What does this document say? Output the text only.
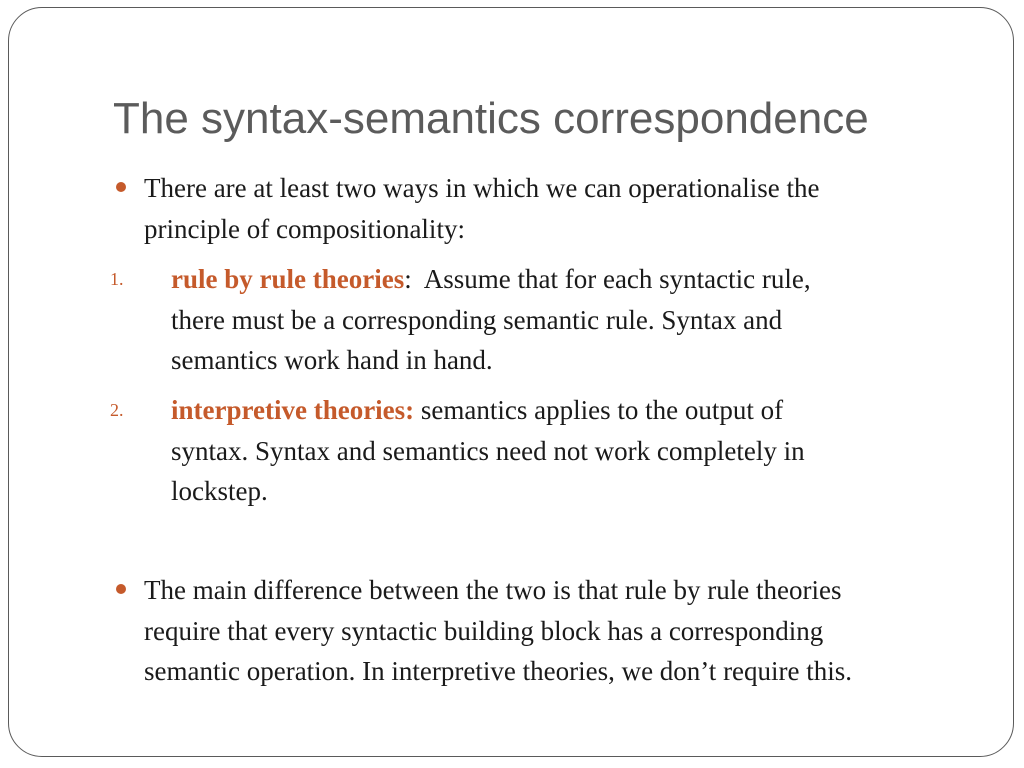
The syntax-semantics correspondence
There are at least two ways in which we can operationalise the
principle of compositionality:
1. rule by rule theories:  Assume that for each syntactic rule,
there must be a corresponding semantic rule. Syntax and
semantics work hand in hand.
2. interpretive theories: semantics applies to the output of
syntax. Syntax and semantics need not work completely in
lockstep.
The main difference between the two is that rule by rule theories
require that every syntactic building block has a corresponding
semantic operation. In interpretive theories, we don’t require this.
